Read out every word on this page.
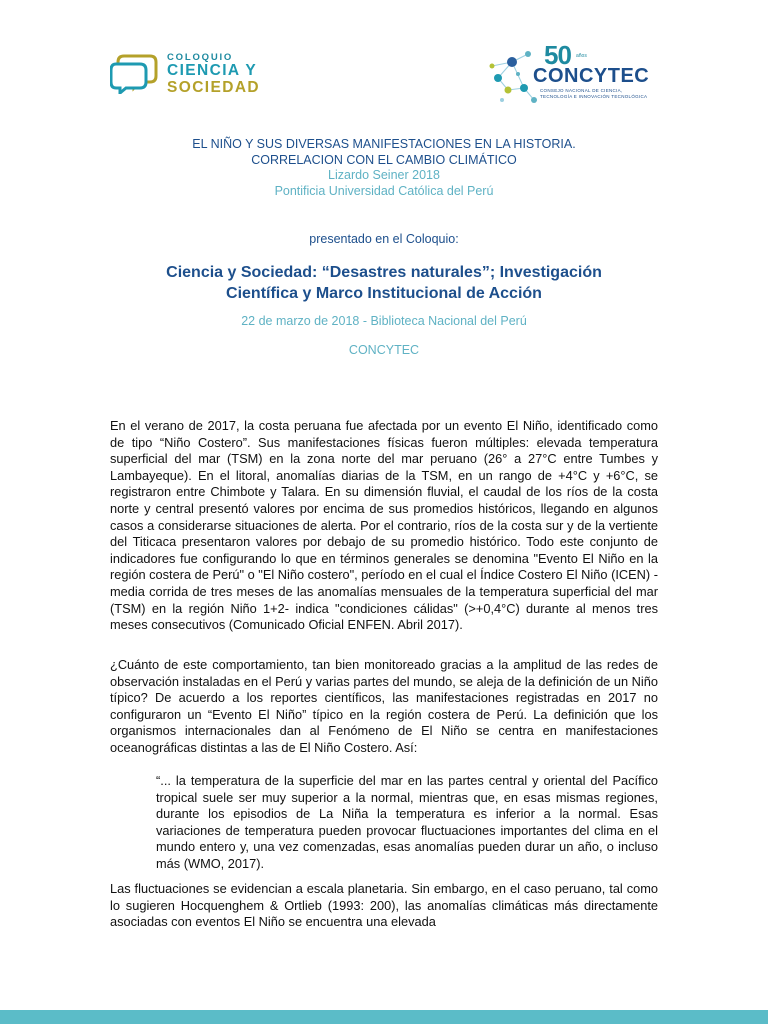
COLOQUIO
CIENCIA Y
SOCIEDAD
50 años
CONCYTEC
CONSEJO NACIONAL DE CIENCIA,
TECNOLOGÍA E INNOVACIÓN TECNOLÓGICA
EL NIÑO Y SUS DIVERSAS MANIFESTACIONES EN LA HISTORIA.
CORRELACION CON EL CAMBIO CLIMÁTICO
Lizardo Seiner 2018
Pontificia Universidad Católica del Perú
presentado en el Coloquio:
Ciencia y Sociedad: “Desastres naturales”; Investigación
Científica y Marco Institucional de Acción
22 de marzo de 2018 - Biblioteca Nacional del Perú
CONCYTEC

En el verano de 2017, la costa peruana fue afectada por un evento El Niño, identificado como de tipo “Niño Costero”. Sus manifestaciones físicas fueron múltiples: elevada temperatura superficial del mar (TSM) en la zona norte del mar peruano (26° a 27°C entre Tumbes y Lambayeque). En el litoral, anomalías diarias de la TSM, en un rango de +4°C y +6°C, se registraron entre Chimbote y Talara. En su dimensión fluvial, el caudal de los ríos de la costa norte y central presentó valores por encima de sus promedios históricos, llegando en algunos casos a considerarse situaciones de alerta. Por el contrario, ríos de la costa sur y de la vertiente del Titicaca presentaron valores por debajo de su promedio histórico. Todo este conjunto de indicadores fue configurando lo que en términos generales se denomina "Evento El Niño en la región costera de Perú" o "El Niño costero", período en el cual el Índice Costero El Niño (ICEN) -media corrida de tres meses de las anomalías mensuales de la temperatura superficial del mar (TSM) en la región Niño 1+2- indica "condiciones cálidas" (>+0,4°C) durante al menos tres meses consecutivos (Comunicado Oficial ENFEN. Abril 2017).

¿Cuánto de este comportamiento, tan bien monitoreado gracias a la amplitud de las redes de observación instaladas en el Perú y varias partes del mundo, se aleja de la definición de un Niño típico? De acuerdo a los reportes científicos, las manifestaciones registradas en 2017 no configuraron un “Evento El Niño” típico en la región costera de Perú. La definición que los organismos internacionales dan al Fenómeno de El Niño se centra en manifestaciones oceanográficas distintas a las de El Niño Costero. Así:

“... la temperatura de la superficie del mar en las partes central y oriental del Pacífico tropical suele ser muy superior a la normal, mientras que, en esas mismas regiones, durante los episodios de La Niña la temperatura es inferior a la normal. Esas variaciones de temperatura pueden provocar fluctuaciones importantes del clima en el mundo entero y, una vez comenzadas, esas anomalías pueden durar un año, o incluso más (WMO, 2017).

Las fluctuaciones se evidencian a escala planetaria. Sin embargo, en el caso peruano, tal como lo sugieren Hocquenghem & Ortlieb (1993: 200), las anomalías climáticas más directamente asociadas con eventos El Niño se encuentra una elevada
